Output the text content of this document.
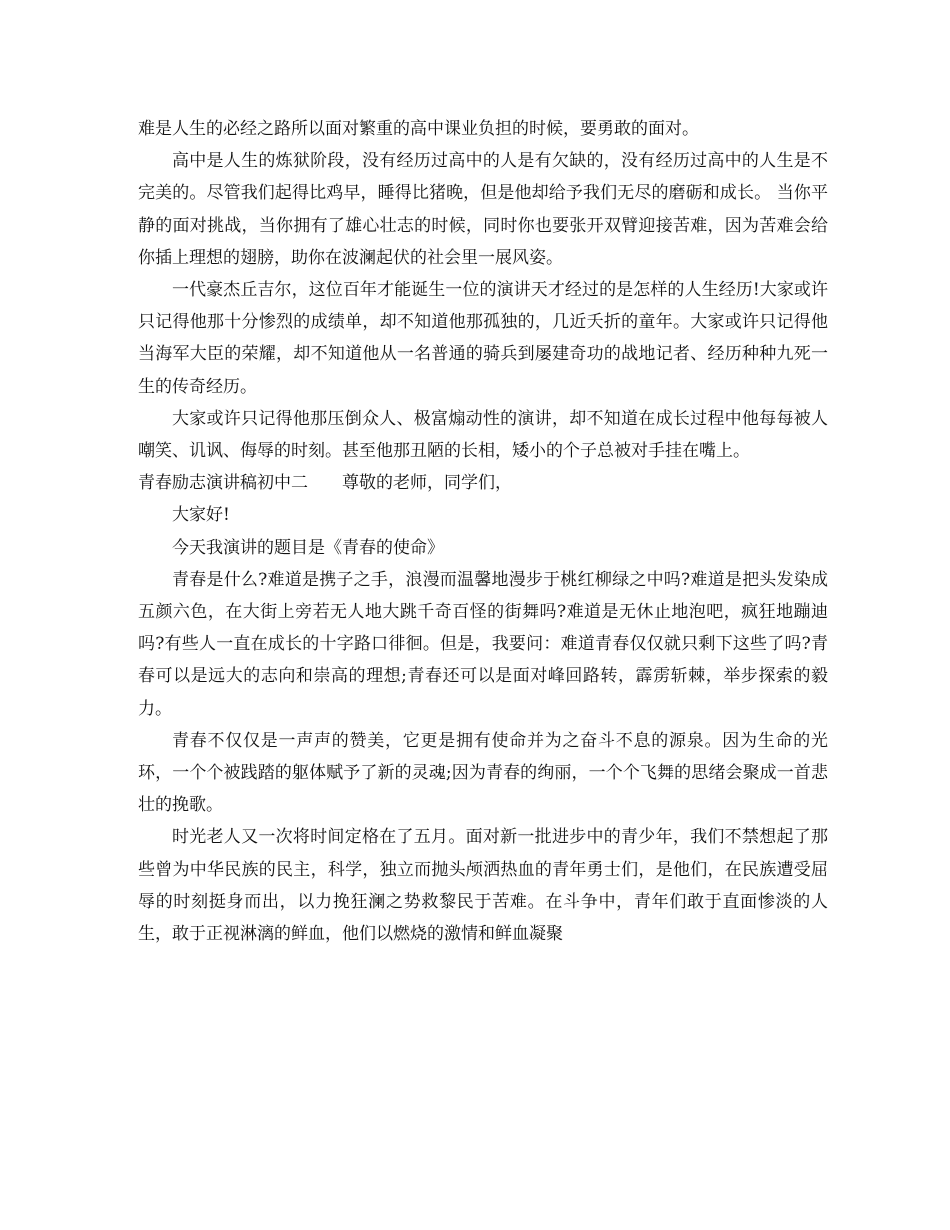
难是人生的必经之路所以面对繁重的高中课业负担的时候，要勇敢的面对。

高中是人生的炼狱阶段，没有经历过高中的人是有欠缺的，没有经历过高中的人生是不完美的。尽管我们起得比鸡早，睡得比猪晚，但是他却给予我们无尽的磨砺和成长。 当你平静的面对挑战，当你拥有了雄心壮志的时候，同时你也要张开双臂迎接苦难，因为苦难会给你插上理想的翅膀，助你在波澜起伏的社会里一展风姿。

一代豪杰丘吉尔，这位百年才能诞生一位的演讲天才经过的是怎样的人生经历!大家或许只记得他那十分惨烈的成绩单，却不知道他那孤独的，几近夭折的童年。大家或许只记得他当海军大臣的荣耀，却不知道他从一名普通的骑兵到屡建奇功的战地记者、经历种种九死一生的传奇经历。

大家或许只记得他那压倒众人、极富煽动性的演讲，却不知道在成长过程中他每每被人嘲笑、讥讽、侮辱的时刻。甚至他那丑陋的长相，矮小的个子总被对手挂在嘴上。

青春励志演讲稿初中二　　尊敬的老师，同学们，

大家好!

今天我演讲的题目是《青春的使命》

青春是什么?难道是携子之手，浪漫而温馨地漫步于桃红柳绿之中吗?难道是把头发染成五颜六色，在大街上旁若无人地大跳千奇百怪的街舞吗?难道是无休止地泡吧，疯狂地蹦迪吗?有些人一直在成长的十字路口徘徊。但是，我要问：难道青春仅仅就只剩下这些了吗?青春可以是远大的志向和崇高的理想;青春还可以是面对峰回路转，霹雳斩棘，举步探索的毅力。

青春不仅仅是一声声的赞美，它更是拥有使命并为之奋斗不息的源泉。因为生命的光环，一个个被践踏的躯体赋予了新的灵魂;因为青春的绚丽，一个个飞舞的思绪会聚成一首悲壮的挽歌。

时光老人又一次将时间定格在了五月。面对新一批进步中的青少年，我们不禁想起了那些曾为中华民族的民主，科学，独立而抛头颅洒热血的青年勇士们，是他们，在民族遭受屈辱的时刻挺身而出，以力挽狂澜之势救黎民于苦难。在斗争中，青年们敢于直面惨淡的人生，敢于正视淋漓的鲜血，他们以燃烧的激情和鲜血凝聚
